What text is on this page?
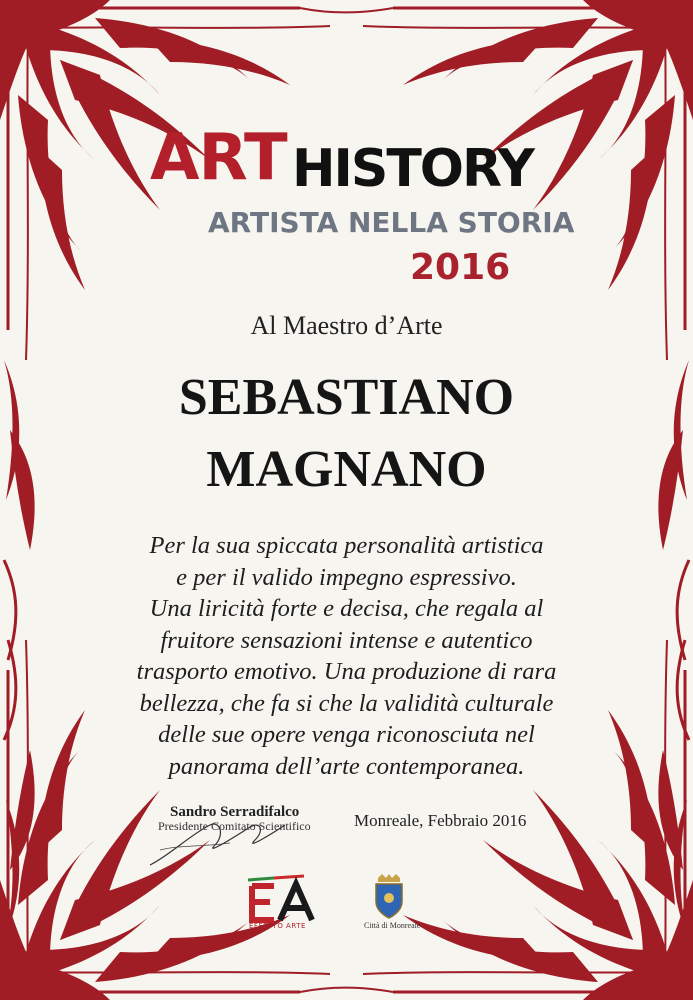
ART HISTORY
ARTISTA NELLA STORIA
2016
Al Maestro d’Arte
SEBASTIANO
MAGNANO
Per la sua spiccata personalità artistica
e per il valido impegno espressivo.
Una liricità forte e decisa, che regala al
fruitore sensazioni intense e autentico
trasporto emotivo. Una produzione di rara
bellezza, che fa si che la validità culturale
delle sue opere venga riconosciuta nel
panorama dell’arte contemporanea.
Sandro Serradifalco
Presidente Comitato Scientifico	Monreale, Febbraio 2016
EFFETTO ARTE	Città di Monreale
